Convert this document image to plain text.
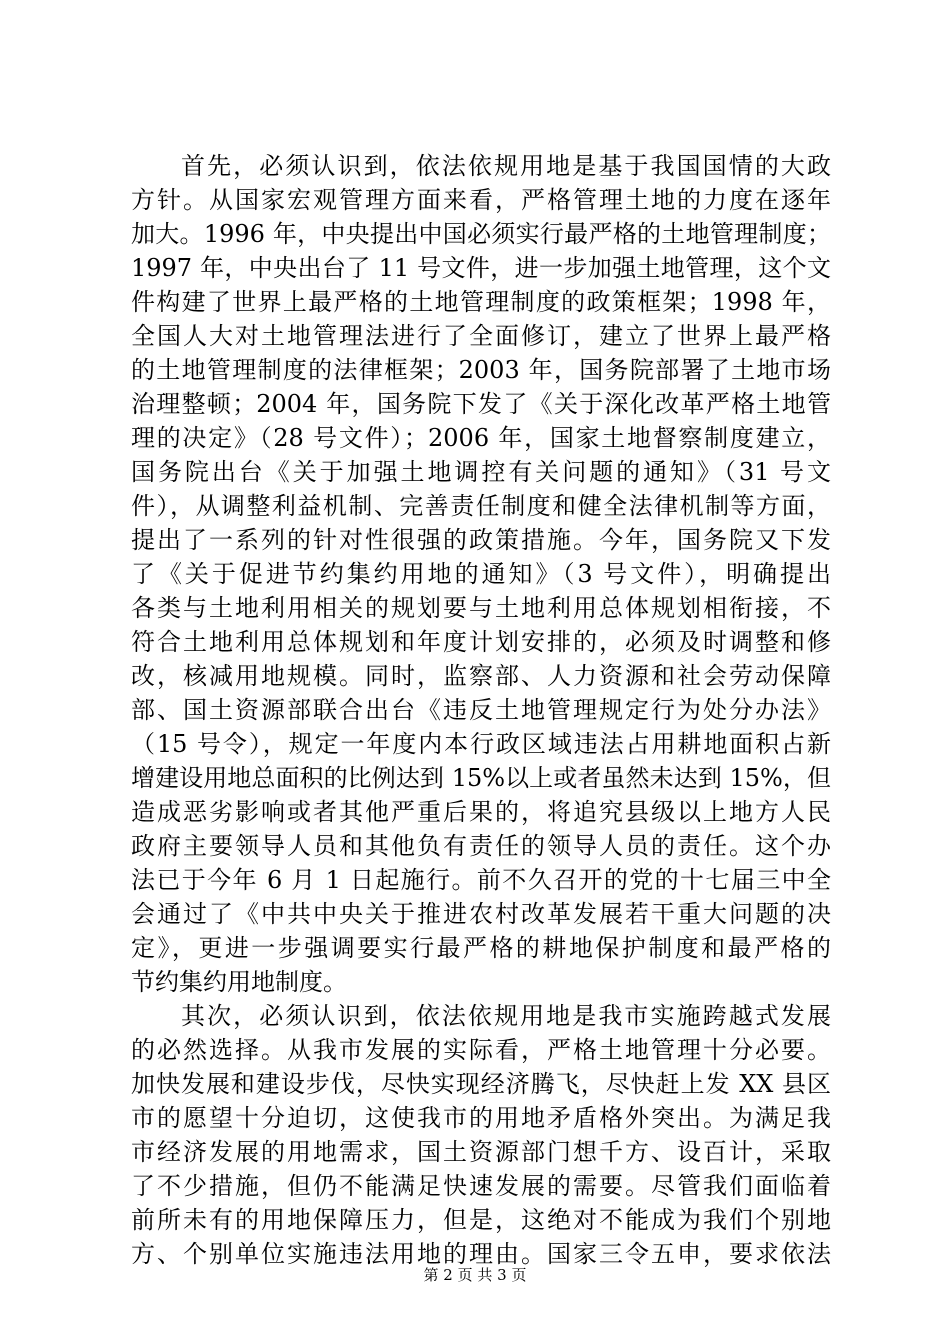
首先，必须认识到，依法依规用地是基于我国国情的大政
方针。从国家宏观管理方面来看，严格管理土地的力度在逐年
加大。1996 年，中央提出中国必须实行最严格的土地管理制度；
1997 年，中央出台了 11 号文件，进一步加强土地管理，这个文
件构建了世界上最严格的土地管理制度的政策框架；1998 年，
全国人大对土地管理法进行了全面修订，建立了世界上最严格
的土地管理制度的法律框架；2003 年，国务院部署了土地市场
治理整顿；2004 年，国务院下发了《关于深化改革严格土地管
理的决定》（28 号文件）；2006 年，国家土地督察制度建立，
国务院出台《关于加强土地调控有关问题的通知》（31 号文
件），从调整利益机制、完善责任制度和健全法律机制等方面，
提出了一系列的针对性很强的政策措施。今年，国务院又下发
了《关于促进节约集约用地的通知》（3 号文件），明确提出
各类与土地利用相关的规划要与土地利用总体规划相衔接，不
符合土地利用总体规划和年度计划安排的，必须及时调整和修
改，核减用地规模。同时，监察部、人力资源和社会劳动保障
部、国土资源部联合出台《违反土地管理规定行为处分办法》
（15 号令），规定一年度内本行政区域违法占用耕地面积占新
增建设用地总面积的比例达到 15%以上或者虽然未达到 15%，但
造成恶劣影响或者其他严重后果的，将追究县级以上地方人民
政府主要领导人员和其他负有责任的领导人员的责任。这个办
法已于今年 6 月 1 日起施行。前不久召开的党的十七届三中全
会通过了《中共中央关于推进农村改革发展若干重大问题的决
定》，更进一步强调要实行最严格的耕地保护制度和最严格的
节约集约用地制度。
其次，必须认识到，依法依规用地是我市实施跨越式发展
的必然选择。从我市发展的实际看，严格土地管理十分必要。
加快发展和建设步伐，尽快实现经济腾飞，尽快赶上发 XX 县区
市的愿望十分迫切，这使我市的用地矛盾格外突出。为满足我
市经济发展的用地需求，国土资源部门想千方、设百计，采取
了不少措施，但仍不能满足快速发展的需要。尽管我们面临着
前所未有的用地保障压力，但是，这绝对不能成为我们个别地
方、个别单位实施违法用地的理由。国家三令五申，要求依法
第 2 页 共 3 页
